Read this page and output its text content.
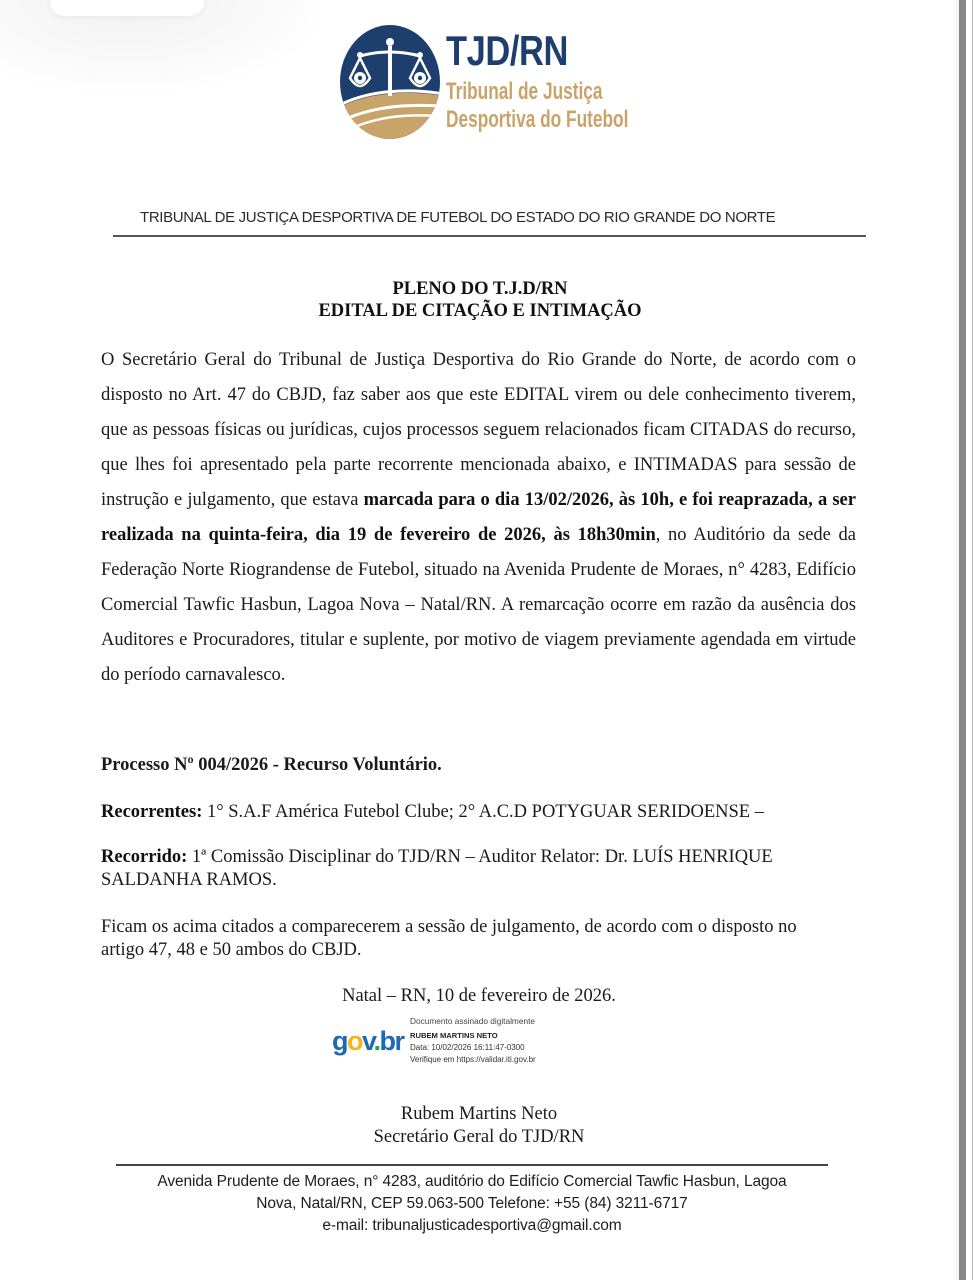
TJD/RN
Tribunal de Justiça
Desportiva do Futebol
TRIBUNAL DE JUSTIÇA DESPORTIVA DE FUTEBOL DO ESTADO DO RIO GRANDE DO NORTE
PLENO DO T.J.D/RN
EDITAL DE CITAÇÃO E INTIMAÇÃO
O Secretário Geral do Tribunal de Justiça Desportiva do Rio Grande do Norte, de acordo com o disposto no Art. 47 do CBJD, faz saber aos que este EDITAL virem ou dele conhecimento tiverem, que as pessoas físicas ou jurídicas, cujos processos seguem relacionados ficam CITADAS do recurso, que lhes foi apresentado pela parte recorrente mencionada abaixo, e INTIMADAS para sessão de instrução e julgamento, que estava marcada para o dia 13/02/2026, às 10h, e foi reaprazada, a ser realizada na quinta-feira, dia 19 de fevereiro de 2026, às 18h30min, no Auditório da sede da Federação Norte Riograndense de Futebol, situado na Avenida Prudente de Moraes, n° 4283, Edifício Comercial Tawfic Hasbun, Lagoa Nova – Natal/RN. A remarcação ocorre em razão da ausência dos Auditores e Procuradores, titular e suplente, por motivo de viagem previamente agendada em virtude do período carnavalesco.
Processo Nº 004/2026 - Recurso Voluntário.
Recorrentes: 1° S.A.F América Futebol Clube; 2° A.C.D POTYGUAR SERIDOENSE –
Recorrido: 1ª Comissão Disciplinar do TJD/RN – Auditor Relator: Dr. LUÍS HENRIQUE SALDANHA RAMOS.
Ficam os acima citados a comparecerem a sessão de julgamento, de acordo com o disposto no artigo 47, 48 e 50 ambos do CBJD.
Natal – RN, 10 de fevereiro de 2026.
gov.br
Documento assinado digitalmente
RUBEM MARTINS NETO
Data: 10/02/2026 16:11:47-0300
Verifique em https://validar.iti.gov.br
Rubem Martins Neto
Secretário Geral do TJD/RN
Avenida Prudente de Moraes, n° 4283, auditório do Edifício Comercial Tawfic Hasbun, Lagoa
Nova, Natal/RN, CEP 59.063-500 Telefone: +55 (84) 3211-6717
e-mail: tribunaljusticadesportiva@gmail.com
